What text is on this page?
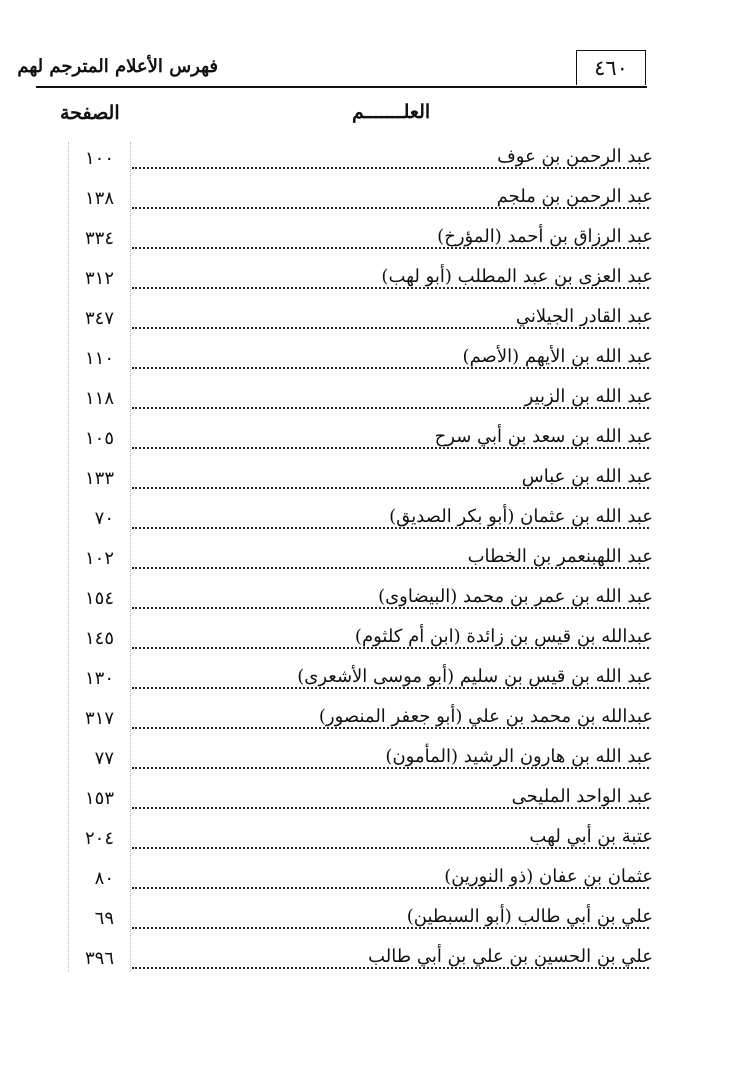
٤٦٠
فهرس الأعلام المترجم لهم
العلـــــــم
الصفحة
عبد الرحمن بن عوف
١٠٠
عبد الرحمن بن ملجم
١٣٨
عبد الرزاق بن أحمد (المؤرخ)
٣٣٤
عبد العزى بن عبد المطلب (أبو لهب)
٣١٢
عبد القادر الجيلاني
٣٤٧
عبد الله بن الأيهم (الأصم)
١١٠
عبد الله بن الزبير
١١٨
عبد الله بن سعد بن أبي سرح
١٠٥
عبد الله بن عباس
١٣٣
عبد الله بن عثمان (أبو بكر الصديق)
٧٠
عبد اللهبنعمر بن الخطاب
١٠٢
عبد الله بن عمر بن محمد (البيضاوى)
١٥٤
عبدالله بن قيس بن زائدة (ابن أم كلثوم)
١٤٥
عبد الله بن قيس بن سليم (أبو موسى الأشعرى)
١٣٠
عبدالله بن محمد بن علي (أبو جعفر المنصور)
٣١٧
عبد الله بن هارون الرشيد (المأمون)
٧٧
عبد الواحد المليحى
١٥٣
عتبة بن أبي لهب
٢٠٤
عثمان بن عفان (ذو النورين)
٨٠
علي بن أبي طالب (أبو السبطين)
٦٩
علي بن الحسين بن علي بن أبي طالب
٣٩٦
